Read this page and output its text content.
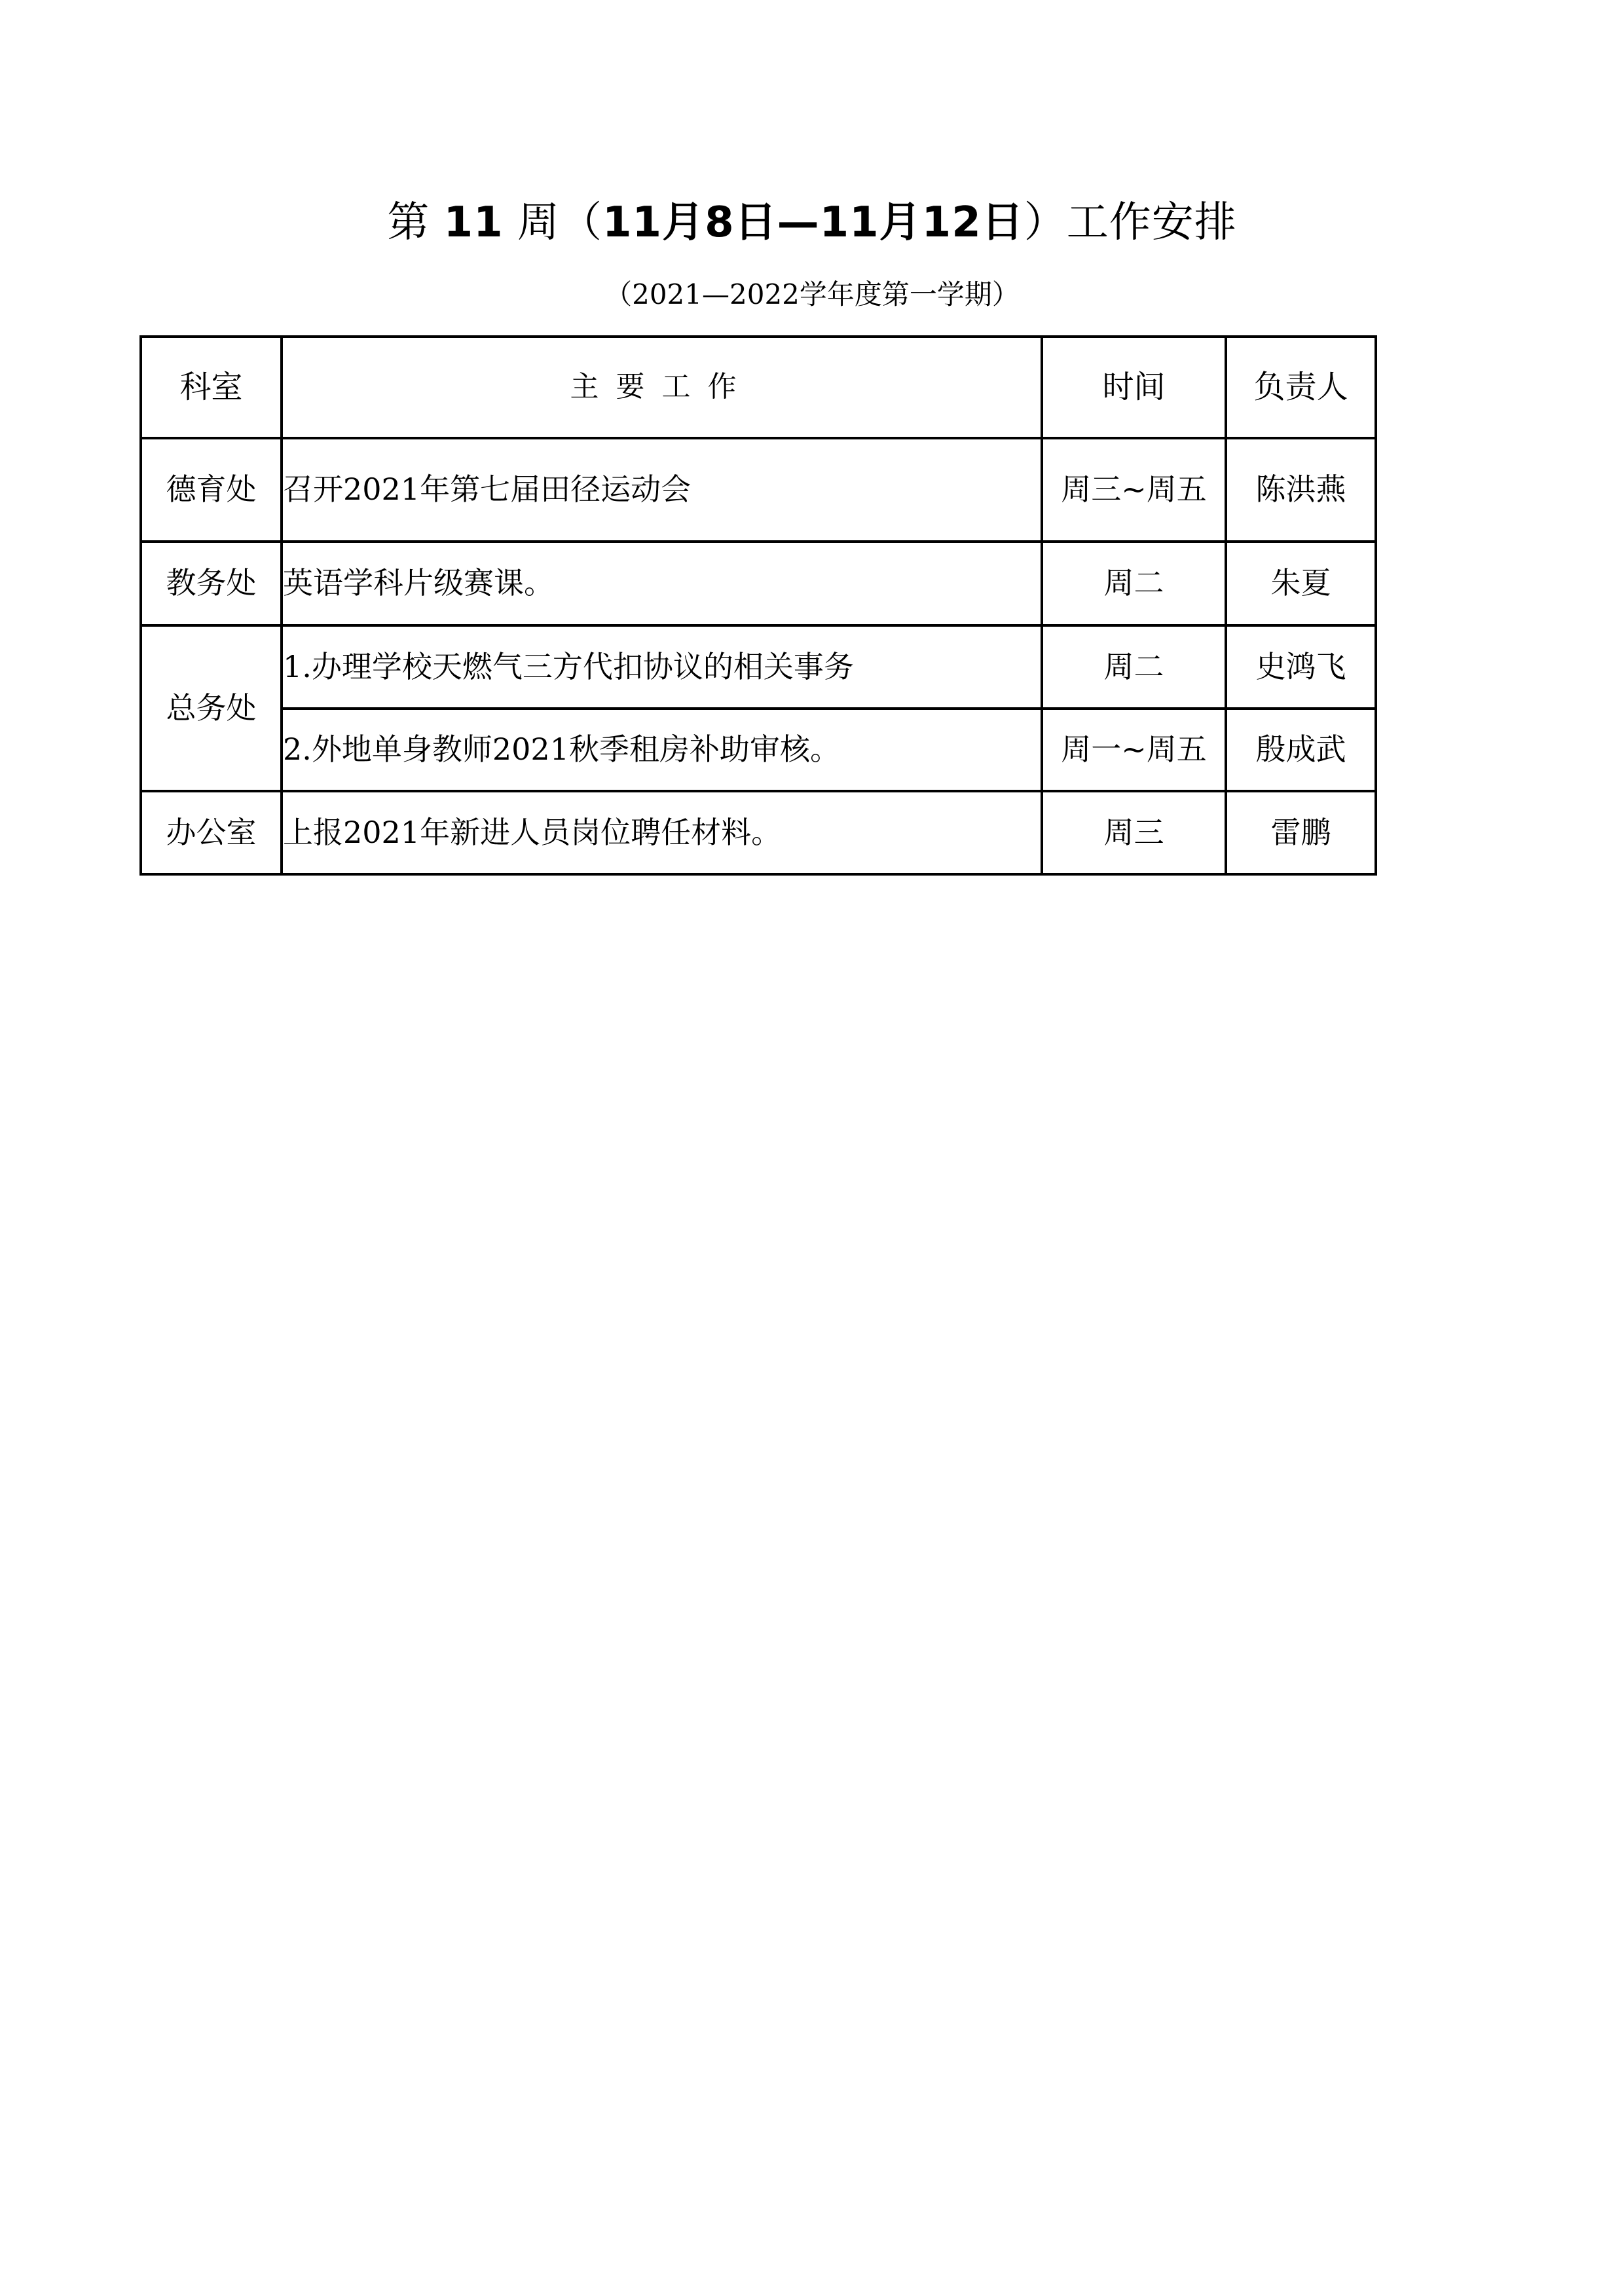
第 11 周（11月8日—11月12日）工作安排
（2021—2022学年度第一学期）
科室	主要工作	时间	负责人
德育处	召开2021年第七届田径运动会	周三~周五	陈洪燕
教务处	英语学科片级赛课。	周二	朱夏
总务处	1.办理学校天燃气三方代扣协议的相关事务	周二	史鸿飞
	2.外地单身教师2021秋季租房补助审核。	周一~周五	殷成武
办公室	上报2021年新进人员岗位聘任材料。	周三	雷鹏
